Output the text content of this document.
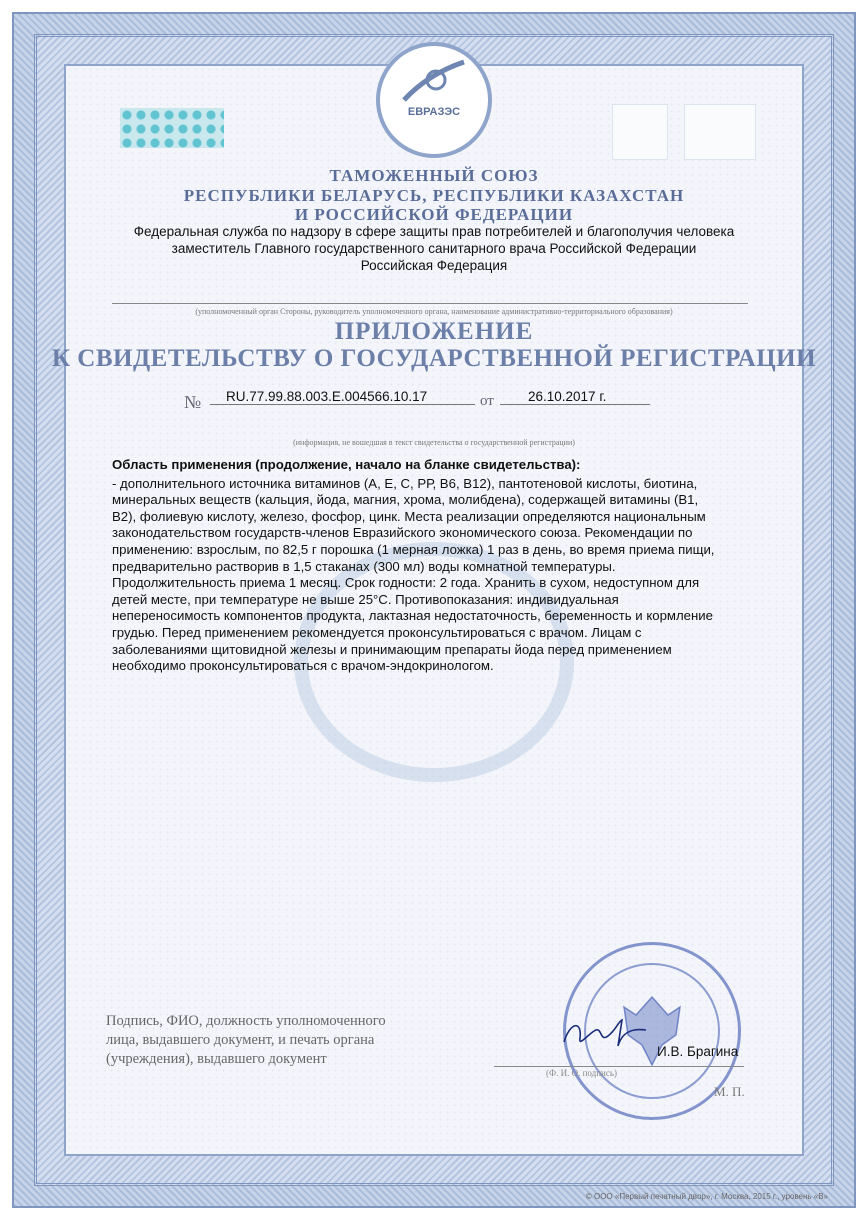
ЕВРАЗЭС
ТАМОЖЕННЫЙ СОЮЗ
РЕСПУБЛИКИ БЕЛАРУСЬ, РЕСПУБЛИКИ КАЗАХСТАН
И РОССИЙСКОЙ ФЕДЕРАЦИИ
Федеральная служба по надзору в сфере защиты прав потребителей и благополучия человека
заместитель Главного государственного санитарного врача Российской Федерации
Российская Федерация
(уполномоченный орган Стороны, руководитель уполномоченного органа, наименование административно-территориального образования)
ПРИЛОЖЕНИЕ
К СВИДЕТЕЛЬСТВУ О ГОСУДАРСТВЕННОЙ РЕГИСТРАЦИИ
№	RU.77.99.88.003.E.004566.10.17	от	26.10.2017 г.
(информация, не вошедшая в текст свидетельства о государственной регистрации)
Область применения (продолжение, начало на бланке свидетельства):
- дополнительного источника витаминов (А, Е, С, РР, В6, В12), пантотеновой кислоты, биотина,
минеральных веществ (кальция, йода, магния, хрома, молибдена), содержащей витамины (В1,
В2), фолиевую кислоту, железо, фосфор, цинк. Места реализации определяются национальным
законодательством государств-членов Евразийского экономического союза. Рекомендации по
применению: взрослым, по 82,5 г порошка (1 мерная ложка) 1 раз в день, во время приема пищи,
предварительно растворив в 1,5 стаканах (300 мл) воды комнатной температуры.
Продолжительность приема 1 месяц. Срок годности: 2 года. Хранить в сухом, недоступном для
детей месте, при температуре не выше 25°С. Противопоказания: индивидуальная
непереносимость компонентов продукта, лактазная недостаточность, беременность и кормление
грудью. Перед применением рекомендуется проконсультироваться с врачом. Лицам с
заболеваниями щитовидной железы и принимающим препараты йода перед применением
необходимо проконсультироваться с врачом-эндокринологом.
Подпись, ФИО, должность уполномоченного
лица, выдавшего документ, и печать органа
(учреждения), выдавшего документ	И.В. Брагина
(Ф. И. О. подпись)
М. П.
© ООО «Первый печатный двор», г. Москва, 2015 г., уровень «В»
